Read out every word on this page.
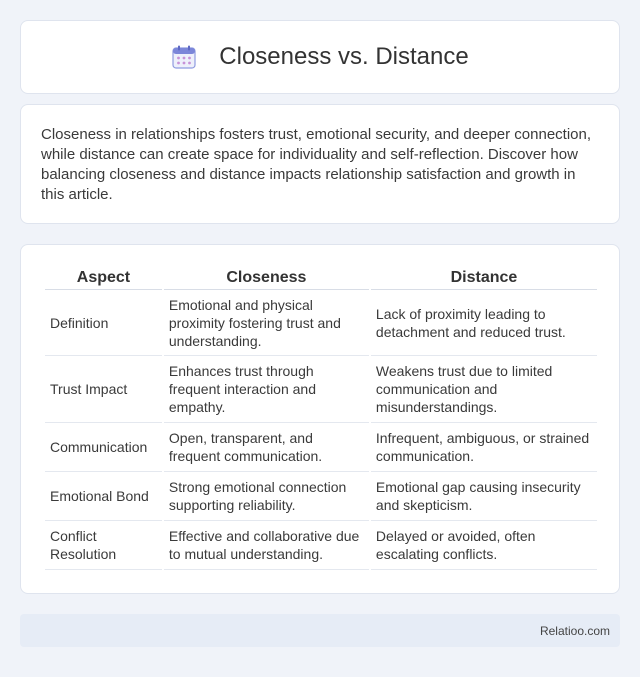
Closeness vs. Distance

Closeness in relationships fosters trust, emotional security, and deeper connection, while distance can create space for individuality and self-reflection. Discover how balancing closeness and distance impacts relationship satisfaction and growth in this article.

Aspect	Closeness	Distance
Definition	Emotional and physical proximity fostering trust and understanding.	Lack of proximity leading to detachment and reduced trust.
Trust Impact	Enhances trust through frequent interaction and empathy.	Weakens trust due to limited communication and misunderstandings.
Communication	Open, transparent, and frequent communication.	Infrequent, ambiguous, or strained communication.
Emotional Bond	Strong emotional connection supporting reliability.	Emotional gap causing insecurity and skepticism.
Conflict Resolution	Effective and collaborative due to mutual understanding.	Delayed or avoided, often escalating conflicts.
Relatioo.com
